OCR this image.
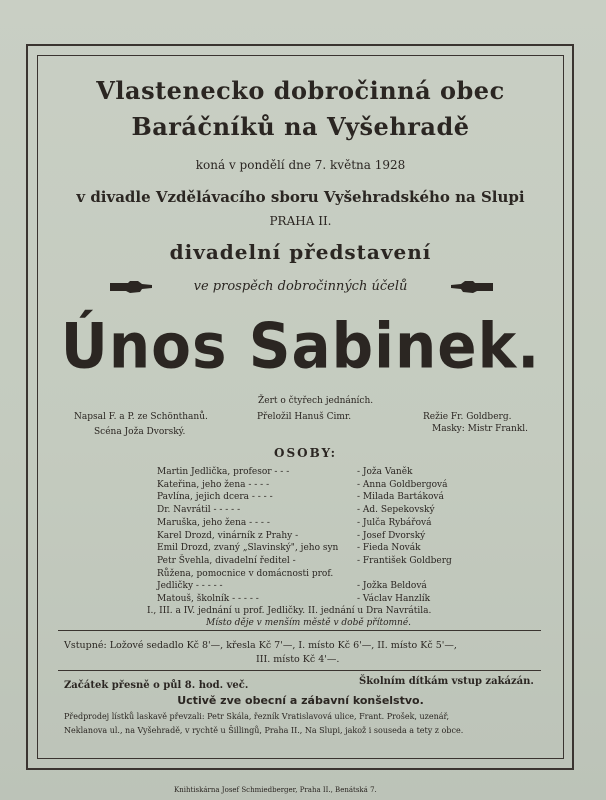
Vlastenecko dobročinná obec
Baráčníků na Vyšehradě
koná v pondělí dne 7. května 1928
v divadle Vzdělávacího sboru Vyšehradského na Slupi
PRAHA II.
divadelní představení
ve prospěch dobročinných účelů
Únos Sabinek.
Žert o čtyřech jednáních.
Napsal F. a P. ze Schönthanů.	Přeložil Hanuš Cimr.	Režie Fr. Goldberg.
Scéna Joža Dvorský.	Masky: Mistr Frankl.
OSOBY:
Martin Jedlička, profesor - - -	- Joža Vaněk
Kateřina, jeho žena - - - -	- Anna Goldbergová
Pavlína, jejich dcera - - - -	- Milada Bartáková
Dr. Navrátil - - - - -	- Ad. Sepekovský
Maruška, jeho žena - - - -	- Julča Rybářová
Karel Drozd, vinárník z Prahy -	- Josef Dvorský
Emil Drozd, zvaný „Slavinský", jeho syn - Fieda Novák
Petr Švehla, divadelní ředitel -	- František Goldberg
Růžena, pomocnice v domácnosti prof.
Jedličky - - - - -	- Jožka Beldová
Matouš, školník - - - - -	- Václav Hanzlík
I., III. a IV. jednání u prof. Jedličky. II. jednání u Dra Navrátila.
Místo děje v menším městě v době přítomné.
Vstupné: Ložové sedadlo Kč 8'—, křesla Kč 7'—, I. místo Kč 6'—, II. místo Kč 5'—,
III. místo Kč 4'—.
Začátek přesně o půl 8. hod. več.	Školním dítkám vstup zakázán.
Uctivě zve obecní a zábavní konšelstvo.
Předprodej lístků laskavě převzali: Petr Skála, řezník Vratislavová ulice, Frant. Prošek, uzenář,
Neklanova ul., na Vyšehradě, v rychtě u Šillingů, Praha II., Na Slupi, jakož i souseda a tety z obce.
Knihtiskárna Josef Schmiedberger, Praha II., Benátská 7.
